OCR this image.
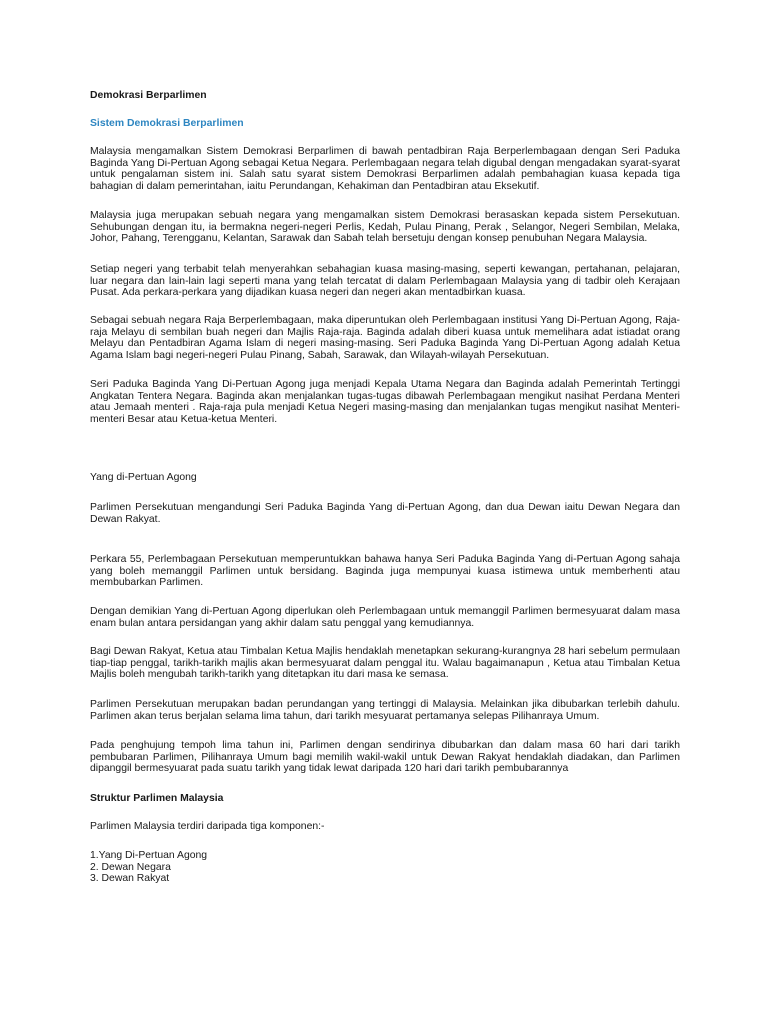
Demokrasi Berparlimen
Sistem Demokrasi Berparlimen

Malaysia mengamalkan Sistem Demokrasi Berparlimen di bawah pentadbiran Raja Berperlembagaan dengan Seri Paduka Baginda Yang Di-Pertuan Agong sebagai Ketua Negara. Perlembagaan negara telah digubal dengan mengadakan syarat-syarat untuk pengalaman sistem ini. Salah satu syarat sistem Demokrasi Berparlimen adalah pembahagian kuasa kepada tiga bahagian di dalam pemerintahan, iaitu Perundangan, Kehakiman dan Pentadbiran atau Eksekutif.

Malaysia juga merupakan sebuah negara yang mengamalkan sistem Demokrasi berasaskan kepada sistem Persekutuan. Sehubungan dengan itu, ia bermakna negeri-negeri Perlis, Kedah, Pulau Pinang, Perak , Selangor, Negeri Sembilan, Melaka, Johor, Pahang, Terengganu, Kelantan, Sarawak dan Sabah telah bersetuju dengan konsep penubuhan Negara Malaysia.

Setiap negeri yang terbabit telah menyerahkan sebahagian kuasa masing-masing, seperti kewangan, pertahanan, pelajaran, luar negara dan lain-lain lagi seperti mana yang telah tercatat di dalam Perlembagaan Malaysia yang di tadbir oleh Kerajaan Pusat. Ada perkara-perkara yang dijadikan kuasa negeri dan negeri akan mentadbirkan kuasa.

Sebagai sebuah negara Raja Berperlembagaan, maka diperuntukan oleh Perlembagaan institusi Yang Di-Pertuan Agong, Raja-raja Melayu di sembilan buah negeri dan Majlis Raja-raja. Baginda adalah diberi kuasa untuk memelihara adat istiadat orang Melayu dan Pentadbiran Agama Islam di negeri masing-masing. Seri Paduka Baginda Yang Di-Pertuan Agong adalah Ketua Agama Islam bagi negeri-negeri Pulau Pinang, Sabah, Sarawak, dan Wilayah-wilayah Persekutuan.

Seri Paduka Baginda Yang Di-Pertuan Agong juga menjadi Kepala Utama Negara dan Baginda adalah Pemerintah Tertinggi Angkatan Tentera Negara. Baginda akan menjalankan tugas-tugas dibawah Perlembagaan mengikut nasihat Perdana Menteri atau Jemaah menteri . Raja-raja pula menjadi Ketua Negeri masing-masing dan menjalankan tugas mengikut nasihat Menteri-menteri Besar atau Ketua-ketua Menteri.

Yang di-Pertuan Agong

Parlimen Persekutuan mengandungi Seri Paduka Baginda Yang di-Pertuan Agong, dan dua Dewan iaitu Dewan Negara dan Dewan Rakyat.

Perkara 55, Perlembagaan Persekutuan memperuntukkan bahawa hanya Seri Paduka Baginda Yang di-Pertuan Agong sahaja yang boleh memanggil Parlimen untuk bersidang. Baginda juga mempunyai kuasa istimewa untuk memberhenti atau membubarkan Parlimen.

Dengan demikian Yang di-Pertuan Agong diperlukan oleh Perlembagaan untuk memanggil Parlimen bermesyuarat dalam masa enam bulan antara persidangan yang akhir dalam satu penggal yang kemudiannya.

Bagi Dewan Rakyat, Ketua atau Timbalan Ketua Majlis hendaklah menetapkan sekurang-kurangnya 28 hari sebelum permulaan tiap-tiap penggal, tarikh-tarikh majlis akan bermesyuarat dalam penggal itu. Walau bagaimanapun , Ketua atau Timbalan Ketua Majlis boleh mengubah tarikh-tarikh yang ditetapkan itu dari masa ke semasa.

Parlimen Persekutuan merupakan badan perundangan yang tertinggi di Malaysia. Melainkan jika dibubarkan terlebih dahulu. Parlimen akan terus berjalan selama lima tahun, dari tarikh mesyuarat pertamanya selepas Pilihanraya Umum.

Pada penghujung tempoh lima tahun ini, Parlimen dengan sendirinya dibubarkan dan dalam masa 60 hari dari tarikh pembubaran Parlimen, Pilihanraya Umum bagi memilih wakil-wakil untuk Dewan Rakyat hendaklah diadakan, dan Parlimen dipanggil bermesyuarat pada suatu tarikh yang tidak lewat daripada 120 hari dari tarikh pembubarannya

Struktur Parlimen Malaysia

Parlimen Malaysia terdiri daripada tiga komponen:-

1.Yang Di-Pertuan Agong
2. Dewan Negara
3. Dewan Rakyat
